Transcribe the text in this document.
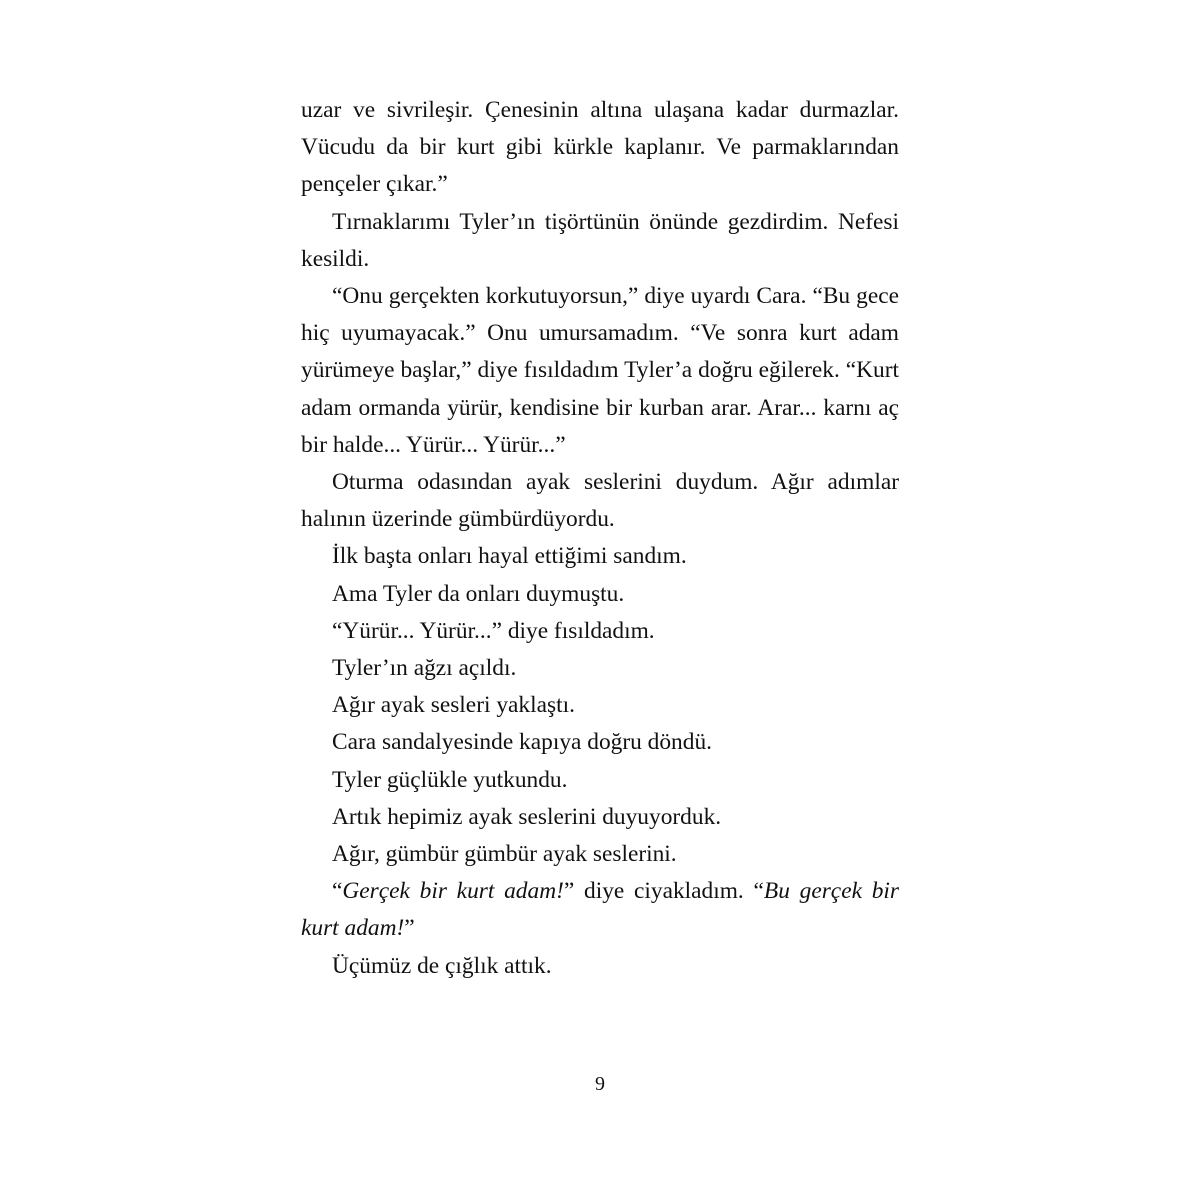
uzar ve sivrileşir. Çenesinin altına ulaşana kadar durmazlar. Vücudu da bir kurt gibi kürkle kaplanır. Ve parmaklarından pençeler çıkar.”

Tırnaklarımı Tyler’ın tişörtünün önünde gezdirdim. Nefesi kesildi.

“Onu gerçekten korkutuyorsun,” diye uyardı Cara. “Bu gece hiç uyumayacak.” Onu umursamadım. “Ve sonra kurt adam yürümeye başlar,” diye fısıldadım Tyler’a doğru eğilerek. “Kurt adam ormanda yürür, kendisine bir kurban arar. Arar... karnı aç bir halde... Yürür... Yürür...”

Oturma odasından ayak seslerini duydum. Ağır adımlar halının üzerinde gümbürdüyordu.

İlk başta onları hayal ettiğimi sandım.

Ama Tyler da onları duymuştu.

“Yürür... Yürür...” diye fısıldadım.

Tyler’ın ağzı açıldı.

Ağır ayak sesleri yaklaştı.

Cara sandalyesinde kapıya doğru döndü.

Tyler güçlükle yutkundu.

Artık hepimiz ayak seslerini duyuyorduk.

Ağır, gümbür gümbür ayak seslerini.

“Gerçek bir kurt adam!” diye ciyakladım. “Bu gerçek bir kurt adam!”

Üçümüz de çığlık attık.

9
